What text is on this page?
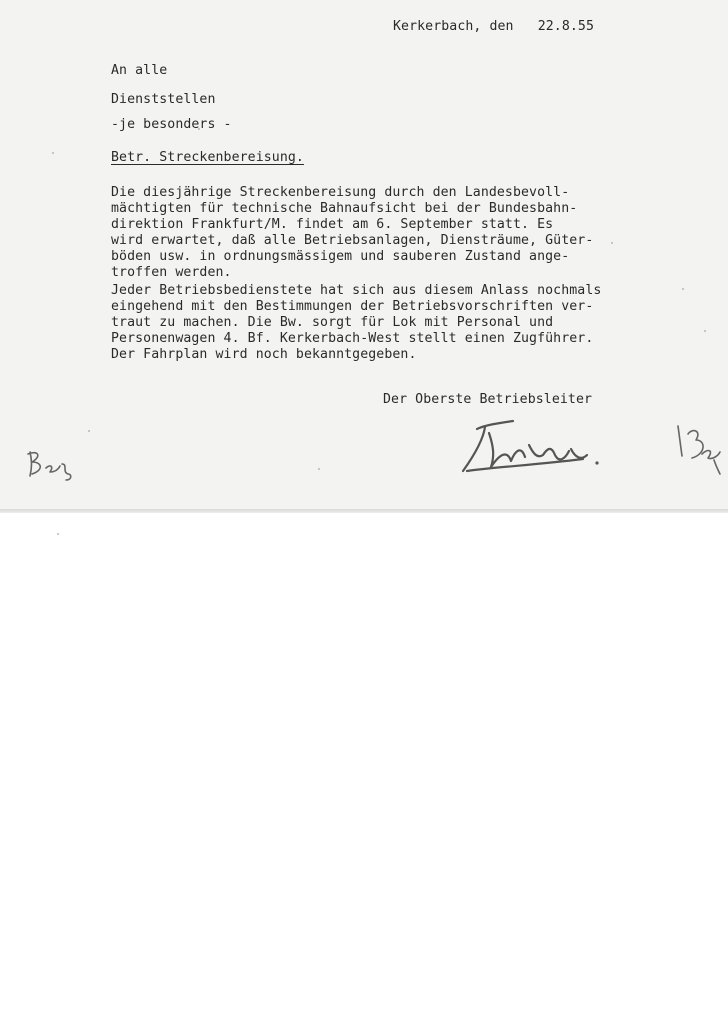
Kerkerbach, den   22.8.55
An alle
Dienststellen
-je besonders -
Betr. Streckenbereisung.
Die diesjährige Streckenbereisung durch den Landesbevoll-
mächtigten für technische Bahnaufsicht bei der Bundesbahn-
direktion Frankfurt/M. findet am 6. September statt. Es
wird erwartet, daß alle Betriebsanlagen, Diensträume, Güter-
böden usw. in ordnungsmässigem und sauberen Zustand ange-
troffen werden.
Jeder Betriebsbedienstete hat sich aus diesem Anlass nochmals
eingehend mit den Bestimmungen der Betriebsvorschriften ver-
traut zu machen. Die Bw. sorgt für Lok mit Personal und
Personenwagen 4. Bf. Kerkerbach-West stellt einen Zugführer.
Der Fahrplan wird noch bekanntgegeben.
Der Oberste Betriebsleiter
